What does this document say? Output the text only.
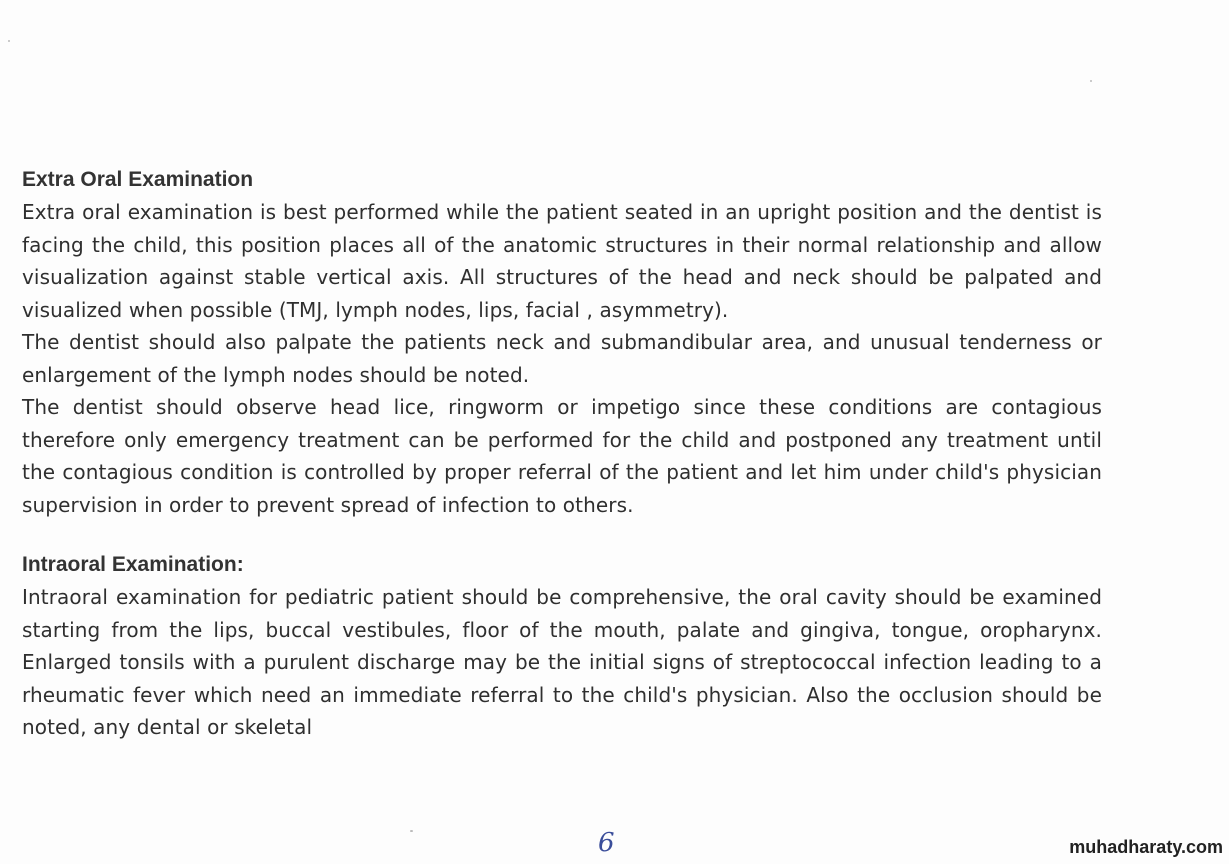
Extra Oral Examination

Extra oral examination is best performed while the patient seated in an upright position and the dentist is facing the child, this position places all of the anatomic structures in their normal relationship and allow visualization against stable vertical axis. All structures of the head and neck should be palpated and visualized when possible (TMJ, lymph nodes, lips, facial , asymmetry).

The dentist should also palpate the patients neck and submandibular area, and unusual tenderness or enlargement of the lymph nodes should be noted.

The dentist should observe head lice, ringworm or impetigo since these conditions are contagious therefore only emergency treatment can be performed for the child and postponed any treatment until the contagious condition is controlled by proper referral of the patient and let him under child's physician supervision in order to prevent spread of infection to others.

Intraoral Examination:

Intraoral examination for pediatric patient should be comprehensive, the oral cavity should be examined starting from the lips, buccal vestibules, floor of the mouth, palate and gingiva, tongue, oropharynx. Enlarged tonsils with a purulent discharge may be the initial signs of streptococcal infection leading to a rheumatic fever which need an immediate referral to the child's physician. Also the occlusion should be noted, any dental or skeletal

6	muhadharaty.com
